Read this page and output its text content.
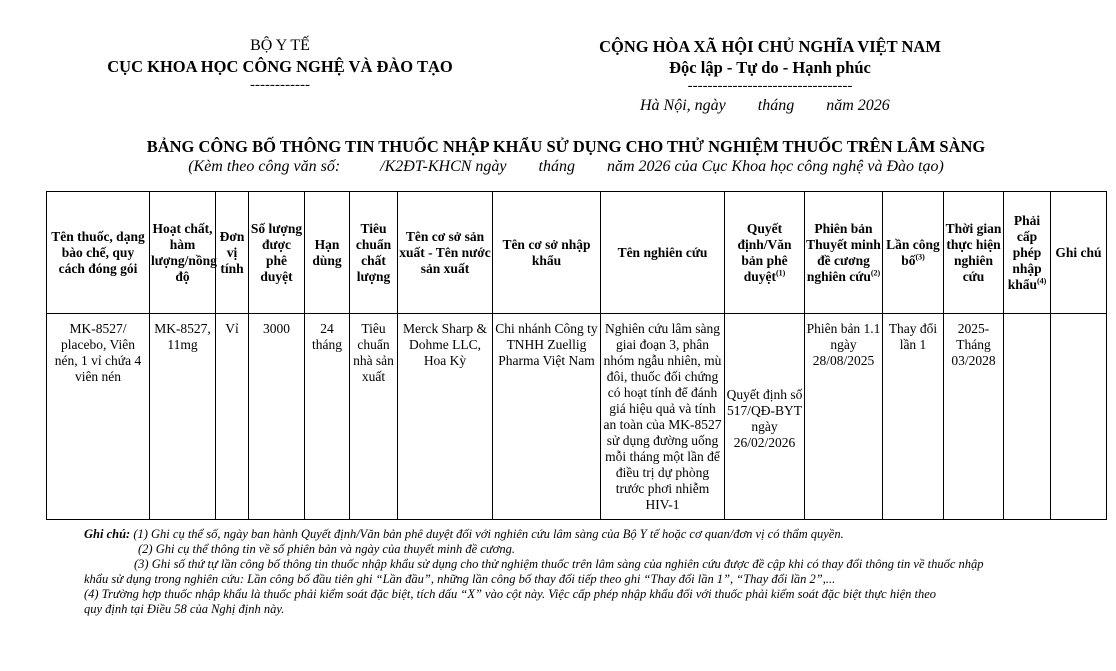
BỘ Y TẾ
CỤC KHOA HỌC CÔNG NGHỆ VÀ ĐÀO TẠO
------------
CỘNG HÒA XÃ HỘI CHỦ NGHĨA VIỆT NAM
Độc lập - Tự do - Hạnh phúc
---------------------------------
Hà Nội, ngày        tháng        năm 2026
BẢNG CÔNG BỐ THÔNG TIN THUỐC NHẬP KHẨU SỬ DỤNG CHO THỬ NGHIỆM THUỐC TRÊN LÂM SÀNG
(Kèm theo công văn số:          /K2ĐT-KHCN ngày        tháng        năm 2026 của Cục Khoa học công nghệ và Đào tạo)
Tên thuốc, dạng bào chế, quy cách đóng gói	Hoạt chất, hàm lượng/nồng độ	Đơn vị tính	Số lượng được phê duyệt	Hạn dùng	Tiêu chuẩn chất lượng	Tên cơ sở sản xuất - Tên nước sản xuất	Tên cơ sở nhập khẩu	Tên nghiên cứu	Quyết định/Văn bản phê duyệt$^{(1)}$	Phiên bản Thuyết minh đề cương nghiên cứu$^{(2)}$	Lần công bố$^{(3)}$	Thời gian thực hiện nghiên cứu	Phải cấp phép nhập khẩu$^{(4)}$	Ghi chú
MK-8527/ placebo, Viên nén, 1 vỉ chứa 4 viên nén	MK-8527, 11mg	Vỉ	3000	24 tháng	Tiêu chuẩn nhà sản xuất	Merck Sharp & Dohme LLC, Hoa Kỳ	Chi nhánh Công ty TNHH Zuellig Pharma Việt Nam	Nghiên cứu lâm sàng giai đoạn 3, phân nhóm ngẫu nhiên, mù đôi, thuốc đối chứng có hoạt tính để đánh giá hiệu quả và tính an toàn của MK-8527 sử dụng đường uống mỗi tháng một lần để điều trị dự phòng trước phơi nhiễm HIV-1	Quyết định số 517/QĐ-BYT ngày 26/02/2026	Phiên bản 1.1 ngày 28/08/2025	Thay đổi lần 1	2025- Tháng 03/2028		

Ghi chú: (1) Ghi cụ thể số, ngày ban hành Quyết định/Văn bản phê duyệt đối với nghiên cứu lâm sàng của Bộ Y tế hoặc cơ quan/đơn vị có thẩm quyền.

(2) Ghi cụ thể thông tin về số phiên bản và ngày của thuyết minh đề cương.

(3) Ghi số thứ tự lần công bố thông tin thuốc nhập khẩu sử dụng cho thử nghiệm thuốc trên lâm sàng của nghiên cứu được đề cập khi có thay đổi thông tin về thuốc nhập

khẩu sử dụng trong nghiên cứu: Lần công bố đầu tiên ghi “Lần đầu”, những lần công bố thay đổi tiếp theo ghi “Thay đổi lần 1”, “Thay đổi lần 2”,...

(4) Trường hợp thuốc nhập khẩu là thuốc phải kiểm soát đặc biệt, tích dấu “X” vào cột này. Việc cấp phép nhập khẩu đối với thuốc phải kiểm soát đặc biệt thực hiện theo

quy định tại Điều 58 của Nghị định này.
